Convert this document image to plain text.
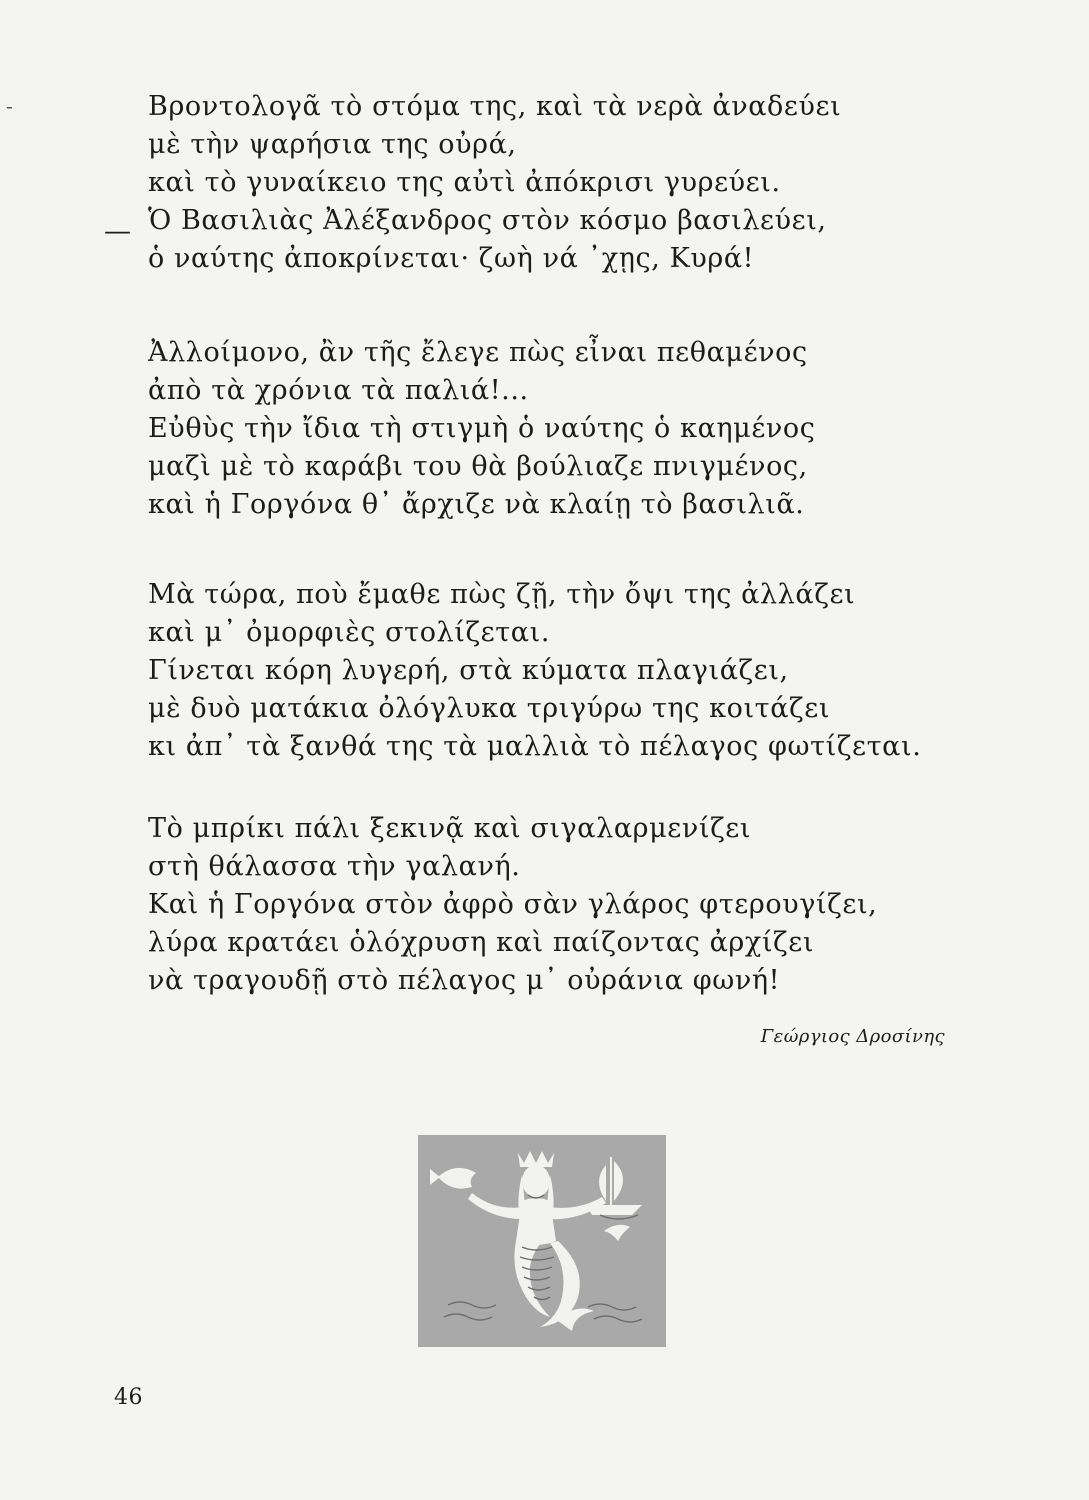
-	Βροντολογᾶ τὸ στόμα της, καὶ τὰ νερὰ ἀναδεύει
μὲ τὴν ψαρήσια της οὐρά,
καὶ τὸ γυναίκειο της αὐτὶ ἀπόκρισι γυρεύει.
Ὁ Βασιλιὰς Ἀλέξανδρος στὸν κόσμο βασιλεύει,
ὁ ναύτης ἀποκρίνεται· ζωὴ νά ᾽χῃς, Κυρά!
—
Ἀλλοίμονο, ἂν τῆς ἔλεγε πὼς εἶναι πεθαμένος
ἀπὸ τὰ χρόνια τὰ παλιά!...
Εὐθὺς τὴν ἴδια τὴ στιγμὴ ὁ ναύτης ὁ καημένος
μαζὶ μὲ τὸ καράβι του θὰ βούλιαζε πνιγμένος,
καὶ ἡ Γοργόνα θ᾽ ἄρχιζε νὰ κλαίῃ τὸ βασιλιᾶ.
Μὰ τώρα, ποὺ ἔμαθε πὼς ζῇ, τὴν ὄψι της ἀλλάζει
καὶ μ᾽ ὀμορφιὲς στολίζεται.
Γίνεται κόρη λυγερή, στὰ κύματα πλαγιάζει,
μὲ δυὸ ματάκια ὀλόγλυκα τριγύρω της κοιτάζει
κι ἀπ᾽ τὰ ξανθά της τὰ μαλλιὰ τὸ πέλαγος φωτίζεται.
Τὸ μπρίκι πάλι ξεκινᾷ καὶ σιγαλαρμενίζει
στὴ θάλασσα τὴν γαλανή.
Καὶ ἡ Γοργόνα στὸν ἀφρὸ σὰν γλάρος φτερουγίζει,
λύρα κρατάει ὁλόχρυση καὶ παίζοντας ἀρχίζει
νὰ τραγουδῇ στὸ πέλαγος μ᾽ οὐράνια φωνή!
Γεώργιος Δροσίνης
46
